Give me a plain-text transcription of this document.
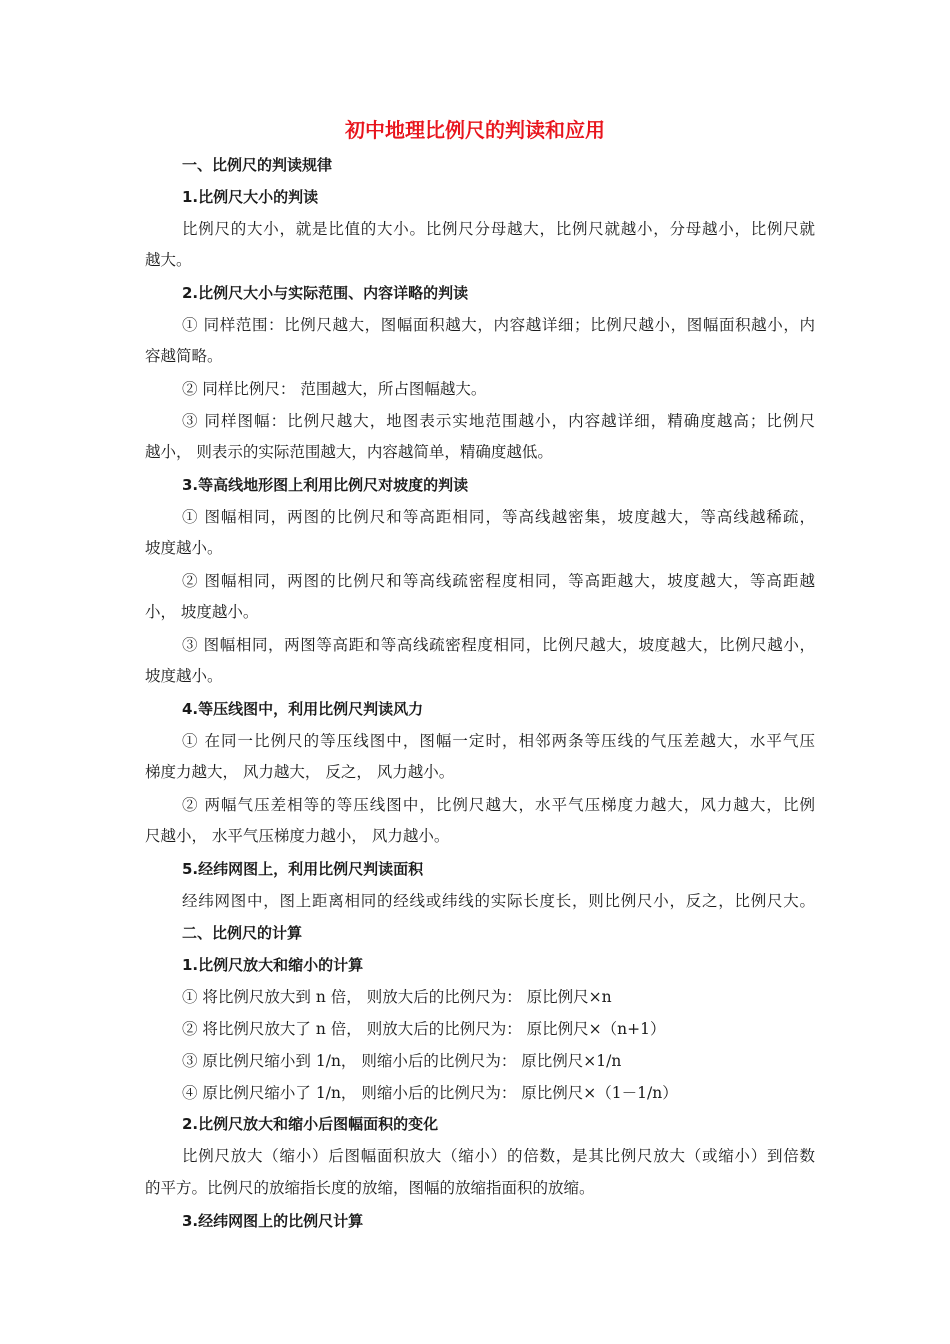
初中地理比例尺的判读和应用
一、比例尺的判读规律
1.比例尺大小的判读
比例尺的大小，就是比值的大小。比例尺分母越大，比例尺就越小，分母越小，比例尺就
越大。
2.比例尺大小与实际范围、内容详略的判读
① 同样范围：比例尺越大，图幅面积越大，内容越详细；比例尺越小，图幅面积越小，内
容越简略。
② 同样比例尺： 范围越大，所占图幅越大。
③ 同样图幅：比例尺越大，地图表示实地范围越小，内容越详细，精确度越高；比例尺
越小， 则表示的实际范围越大，内容越简单，精确度越低。
3.等高线地形图上利用比例尺对坡度的判读
① 图幅相同，两图的比例尺和等高距相同，等高线越密集，坡度越大，等高线越稀疏，
坡度越小。
② 图幅相同，两图的比例尺和等高线疏密程度相同，等高距越大，坡度越大，等高距越
小， 坡度越小。
③ 图幅相同，两图等高距和等高线疏密程度相同，比例尺越大，坡度越大，比例尺越小，
坡度越小。
4.等压线图中，利用比例尺判读风力
① 在同一比例尺的等压线图中，图幅一定时，相邻两条等压线的气压差越大，水平气压
梯度力越大， 风力越大， 反之， 风力越小。
② 两幅气压差相等的等压线图中，比例尺越大，水平气压梯度力越大，风力越大，比例
尺越小， 水平气压梯度力越小， 风力越小。
5.经纬网图上，利用比例尺判读面积
经纬网图中，图上距离相同的经线或纬线的实际长度长，则比例尺小，反之，比例尺大。
二、比例尺的计算
1.比例尺放大和缩小的计算
① 将比例尺放大到 n 倍， 则放大后的比例尺为： 原比例尺×n
② 将比例尺放大了 n 倍， 则放大后的比例尺为： 原比例尺×（n+1）
③ 原比例尺缩小到 1/n， 则缩小后的比例尺为： 原比例尺×1/n
④ 原比例尺缩小了 1/n， 则缩小后的比例尺为： 原比例尺×（1－1/n）
2.比例尺放大和缩小后图幅面积的变化
比例尺放大（缩小）后图幅面积放大（缩小）的倍数，是其比例尺放大（或缩小）到倍数
的平方。比例尺的放缩指长度的放缩，图幅的放缩指面积的放缩。
3.经纬网图上的比例尺计算
